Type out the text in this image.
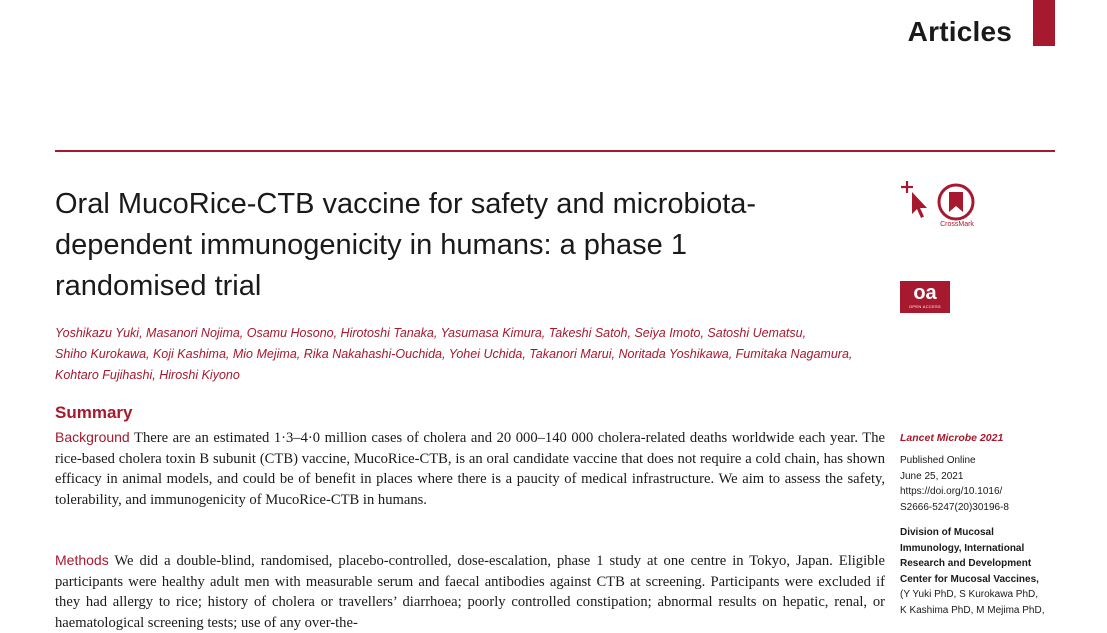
Articles
Oral MucoRice-CTB vaccine for safety and microbiota-
dependent immunogenicity in humans: a phase 1
randomised trial
CrossMark
oa
OPEN ACCESS
Yoshikazu Yuki, Masanori Nojima, Osamu Hosono, Hirotoshi Tanaka, Yasumasa Kimura, Takeshi Satoh, Seiya Imoto, Satoshi Uematsu,
Shiho Kurokawa, Koji Kashima, Mio Mejima, Rika Nakahashi-Ouchida, Yohei Uchida, Takanori Marui, Noritada Yoshikawa, Fumitaka Nagamura,
Kohtaro Fujihashi, Hiroshi Kiyono
Summary
Background There are an estimated 1·3–4·0 million cases of cholera and 20 000–140 000 cholera-related deaths worldwide each year. The rice-based cholera toxin B subunit (CTB) vaccine, MucoRice-CTB, is an oral candidate vaccine that does not require a cold chain, has shown efficacy in animal models, and could be of benefit in places where there is a paucity of medical infrastructure. We aim to assess the safety, tolerability, and immunogenicity of MucoRice-CTB in humans.
Methods We did a double-blind, randomised, placebo-controlled, dose-escalation, phase 1 study at one centre in Tokyo, Japan. Eligible participants were healthy adult men with measurable serum and faecal antibodies against CTB at screening. Participants were excluded if they had allergy to rice; history of cholera or travellers’ diarrhoea; poorly controlled constipation; abnormal results on hepatic, renal, or haematological screening tests; use of any over-the-
Lancet Microbe 2021
Published Online
June 25, 2021
https://doi.org/10.1016/
S2666-5247(20)30196-8
Division of Mucosal
Immunology, International
Research and Development
Center for Mucosal Vaccines,
(Y Yuki PhD, S Kurokawa PhD,
K Kashima PhD, M Mejima PhD,
